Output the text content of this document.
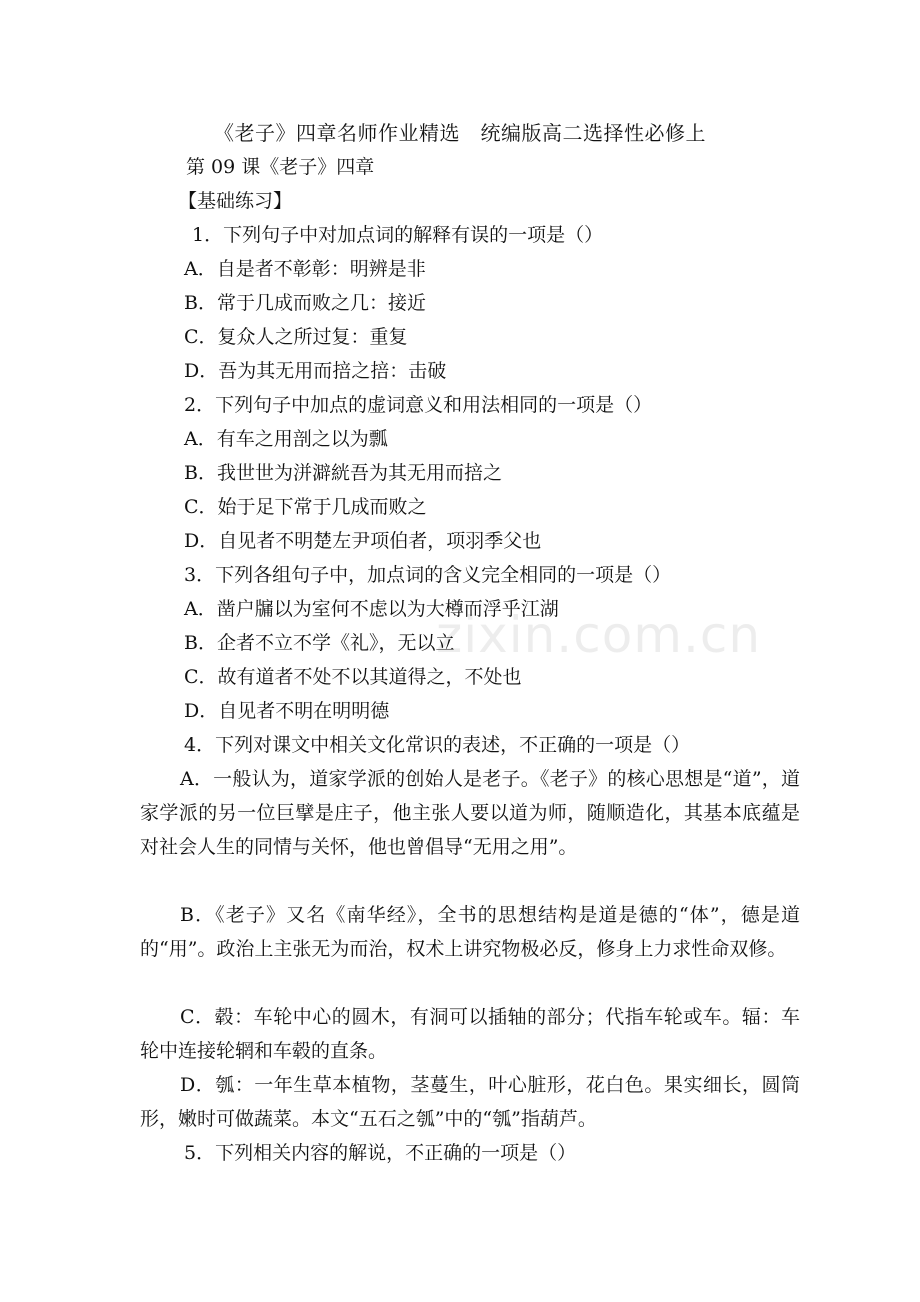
《老子》四章名师作业精选　统编版高二选择性必修上
第 09 课《老子》四章
【基础练习】
1．下列句子中对加点词的解释有误的一项是（）
A．自是者不彰彰：明辨是非
B．常于几成而败之几：接近
C．复众人之所过复：重复
D．吾为其无用而掊之掊：击破
2．下列句子中加点的虚词意义和用法相同的一项是（）
A．有车之用剖之以为瓢
B．我世世为洴澼絖吾为其无用而掊之
C．始于足下常于几成而败之
D．自见者不明楚左尹项伯者，项羽季父也
3．下列各组句子中，加点词的含义完全相同的一项是（）
A．凿户牖以为室何不虑以为大樽而浮乎江湖
B．企者不立不学《礼》，无以立
C．故有道者不处不以其道得之，不处也
D．自见者不明在明明德
4．下列对课文中相关文化常识的表述，不正确的一项是（）
A．一般认为，道家学派的创始人是老子。《老子》的核心思想是“道”，道家学派的另一位巨擘是庄子，他主张人要以道为师，随顺造化，其基本底蕴是对社会人生的同情与关怀，他也曾倡导“无用之用”。
B．《老子》又名《南华经》，全书的思想结构是道是德的“体”，德是道的“用”。政治上主张无为而治，权术上讲究物极必反，修身上力求性命双修。
C．毂：车轮中心的圆木，有洞可以插轴的部分；代指车轮或车。辐：车轮中连接轮辋和车毂的直条。
D．瓠：一年生草本植物，茎蔓生，叶心脏形，花白色。果实细长，圆筒形，嫩时可做蔬菜。本文“五石之瓠”中的“瓠”指葫芦。
5．下列相关内容的解说，不正确的一项是（）
zixin.com.cn
